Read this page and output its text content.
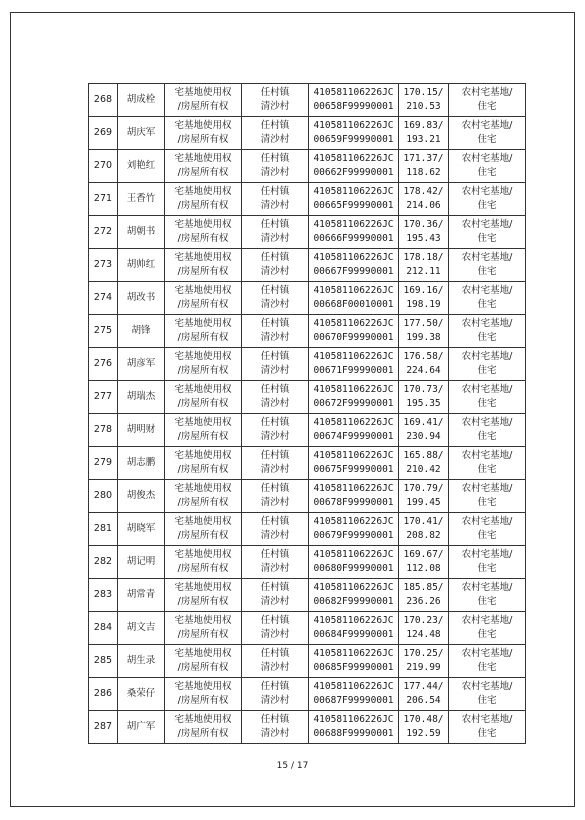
268	胡成栓	宅基地使用权
/房屋所有权	任村镇
清沙村	410581106226JC
00658F99990001	170.15/
210.53	农村宅基地/
住宅

269	胡庆军	宅基地使用权
/房屋所有权	任村镇
清沙村	410581106226JC
00659F99990001	169.83/
193.21	农村宅基地/
住宅

270	刘艳红	宅基地使用权
/房屋所有权	任村镇
清沙村	410581106226JC
00662F99990001	171.37/
118.62	农村宅基地/
住宅

271	王香竹	宅基地使用权
/房屋所有权	任村镇
清沙村	410581106226JC
00665F99990001	178.42/
214.06	农村宅基地/
住宅

272	胡朝书	宅基地使用权
/房屋所有权	任村镇
清沙村	410581106226JC
00666F99990001	170.36/
195.43	农村宅基地/
住宅

273	胡帅红	宅基地使用权
/房屋所有权	任村镇
清沙村	410581106226JC
00667F99990001	178.18/
212.11	农村宅基地/
住宅

274	胡改书	宅基地使用权
/房屋所有权	任村镇
清沙村	410581106226JC
00668F00010001	169.16/
198.19	农村宅基地/
住宅

275	胡锋	宅基地使用权
/房屋所有权	任村镇
清沙村	410581106226JC
00670F99990001	177.50/
199.38	农村宅基地/
住宅

276	胡彦军	宅基地使用权
/房屋所有权	任村镇
清沙村	410581106226JC
00671F99990001	176.58/
224.64	农村宅基地/
住宅

277	胡瑞杰	宅基地使用权
/房屋所有权	任村镇
清沙村	410581106226JC
00672F99990001	170.73/
195.35	农村宅基地/
住宅

278	胡明财	宅基地使用权
/房屋所有权	任村镇
清沙村	410581106226JC
00674F99990001	169.41/
230.94	农村宅基地/
住宅

279	胡志鹏	宅基地使用权
/房屋所有权	任村镇
清沙村	410581106226JC
00675F99990001	165.88/
210.42	农村宅基地/
住宅

280	胡俊杰	宅基地使用权
/房屋所有权	任村镇
清沙村	410581106226JC
00678F99990001	170.79/
199.45	农村宅基地/
住宅

281	胡晓军	宅基地使用权
/房屋所有权	任村镇
清沙村	410581106226JC
00679F99990001	170.41/
208.82	农村宅基地/
住宅

282	胡记明	宅基地使用权
/房屋所有权	任村镇
清沙村	410581106226JC
00680F99990001	169.67/
112.08	农村宅基地/
住宅

283	胡常青	宅基地使用权
/房屋所有权	任村镇
清沙村	410581106226JC
00682F99990001	185.85/
236.26	农村宅基地/
住宅

284	胡文吉	宅基地使用权
/房屋所有权	任村镇
清沙村	410581106226JC
00684F99990001	170.23/
124.48	农村宅基地/
住宅

285	胡生录	宅基地使用权
/房屋所有权	任村镇
清沙村	410581106226JC
00685F99990001	170.25/
219.99	农村宅基地/
住宅

286	桑荣仔	宅基地使用权
/房屋所有权	任村镇
清沙村	410581106226JC
00687F99990001	177.44/
206.54	农村宅基地/
住宅

287	胡广军	宅基地使用权
/房屋所有权	任村镇
清沙村	410581106226JC
00688F99990001	170.48/
192.59	农村宅基地/
住宅
15 / 17
